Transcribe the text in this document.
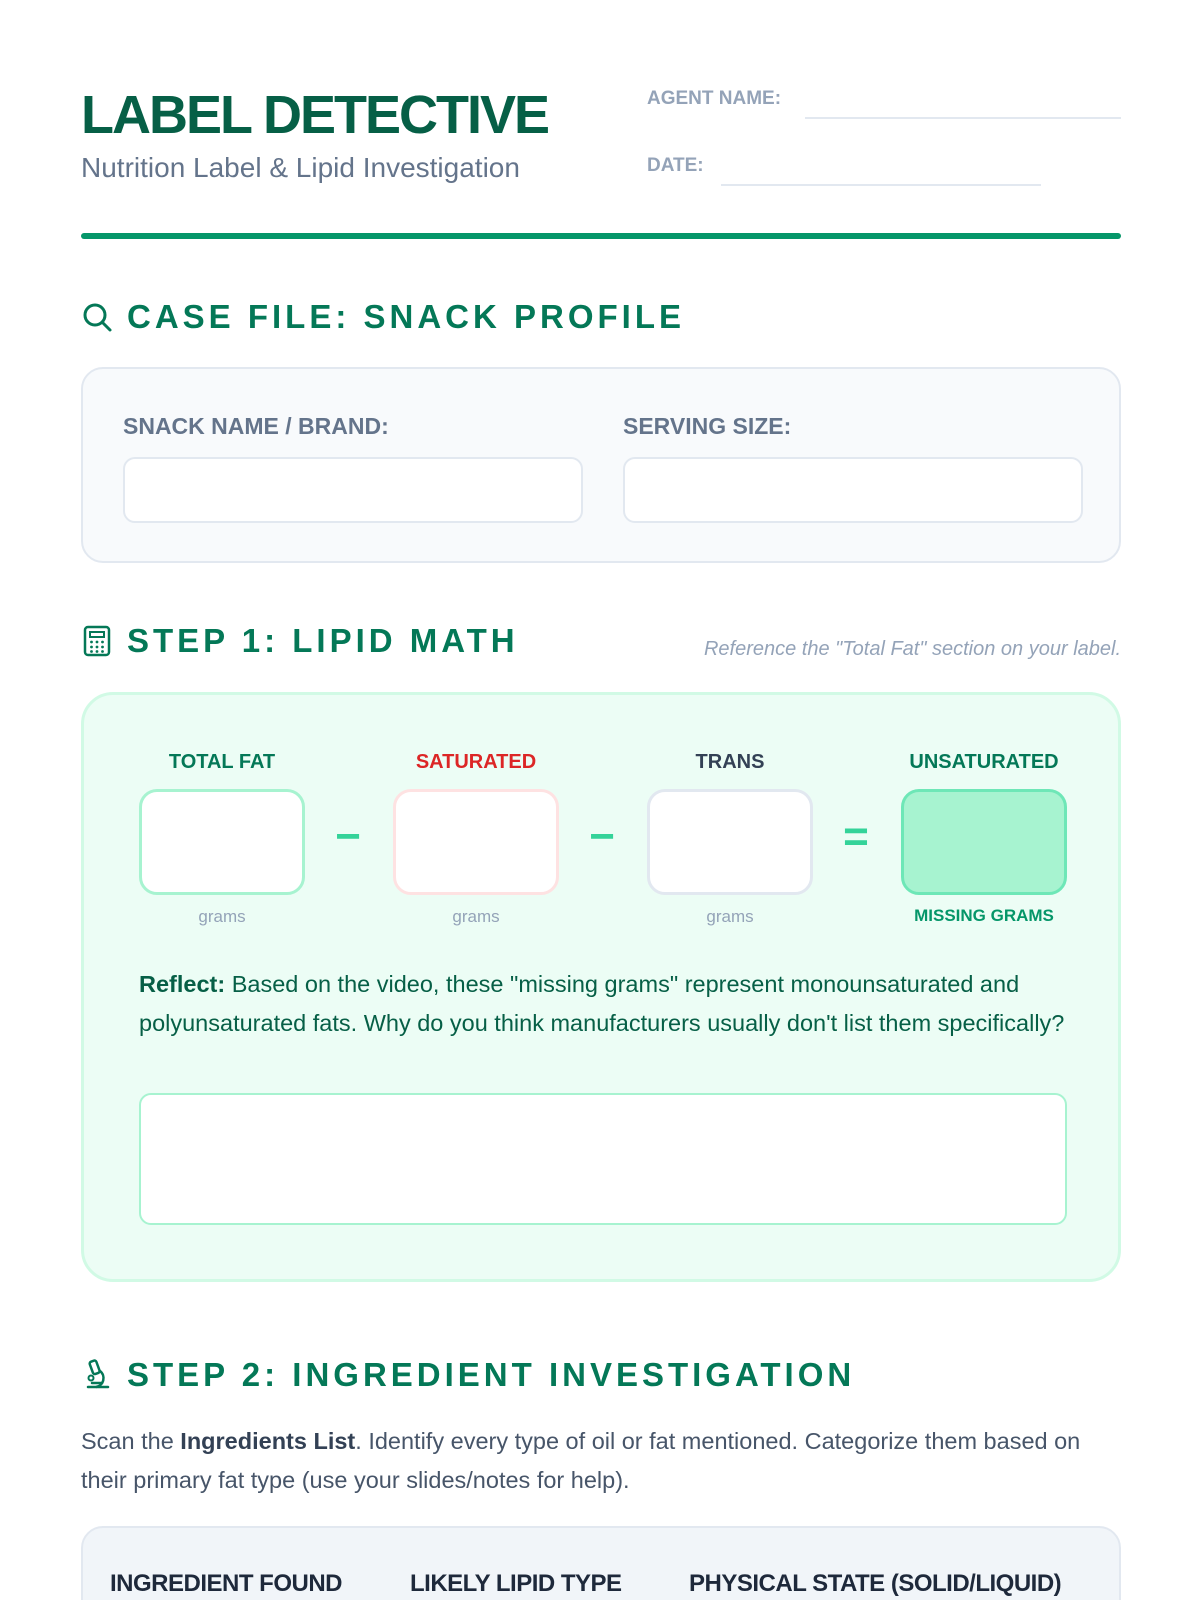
LABEL DETECTIVE
Nutrition Label & Lipid Investigation
AGENT NAME:
DATE:
CASE FILE: SNACK PROFILE
SNACK NAME / BRAND:	SERVING SIZE:
STEP 1: LIPID MATH	Reference the "Total Fat" section on your label.
TOTAL FAT	SATURATED	TRANS	UNSATURATED
−	−	=
grams	grams	grams	MISSING GRAMS
Reflect: Based on the video, these "missing grams" represent monounsaturated and polyunsaturated fats. Why do you think manufacturers usually don't list them specifically?
STEP 2: INGREDIENT INVESTIGATION
Scan the Ingredients List. Identify every type of oil or fat mentioned. Categorize them based on their primary fat type (use your slides/notes for help).
INGREDIENT FOUND	LIKELY LIPID TYPE	PHYSICAL STATE (SOLID/LIQUID)
